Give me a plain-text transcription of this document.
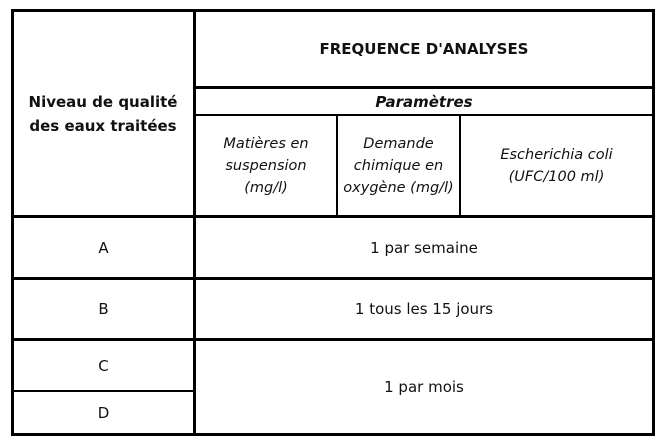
Niveau de qualité des eaux traitées
FREQUENCE D'ANALYSES
Paramètres
Matières en suspension (mg/l)
Demande chimique en oxygène (mg/l)
Escherichia coli (UFC/100 ml)
A
B
C
D
1 par semaine
1 tous les 15 jours
1 par mois
